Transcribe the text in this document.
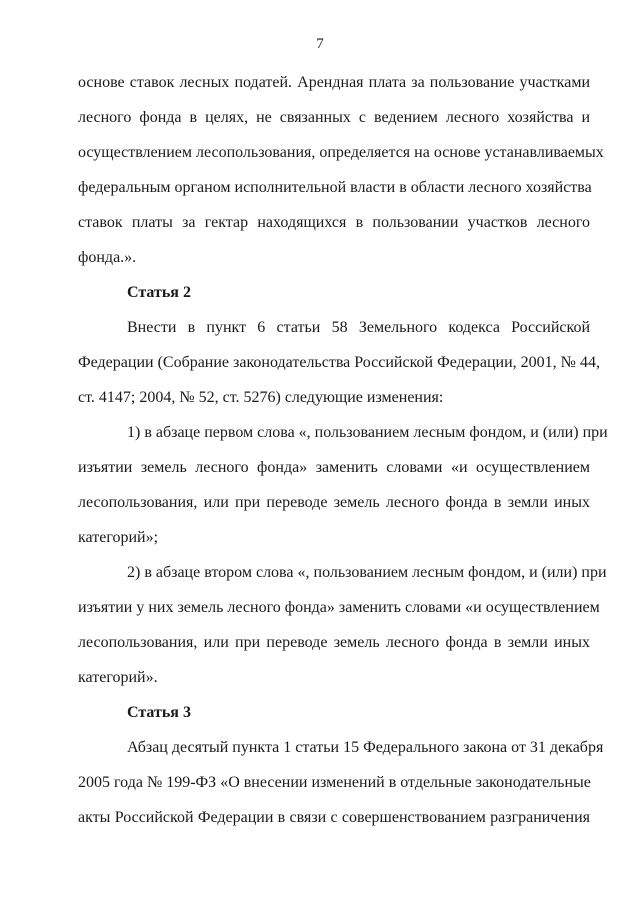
7
основе ставок лесных податей. Арендная плата за пользование участками
лесного фонда в целях, не связанных с ведением лесного хозяйства и
осуществлением лесопользования, определяется на основе устанавливаемых
федеральным органом исполнительной власти в области лесного хозяйства
ставок платы за гектар находящихся в пользовании участков лесного
фонда.».
Статья 2
Внести в пункт 6 статьи 58 Земельного кодекса Российской
Федерации (Собрание законодательства Российской Федерации, 2001, № 44,
ст. 4147; 2004, № 52, ст. 5276) следующие изменения:
1) в абзаце первом слова «, пользованием лесным фондом, и (или) при
изъятии земель лесного фонда» заменить словами «и осуществлением
лесопользования, или при переводе земель лесного фонда в земли иных
категорий»;
2) в абзаце втором слова «, пользованием лесным фондом, и (или) при
изъятии у них земель лесного фонда» заменить словами «и осуществлением
лесопользования, или при переводе земель лесного фонда в земли иных
категорий».
Статья 3
Абзац десятый пункта 1 статьи 15 Федерального закона от 31 декабря
2005 года № 199-ФЗ «О внесении изменений в отдельные законодательные
акты Российской Федерации в связи с совершенствованием разграничения
